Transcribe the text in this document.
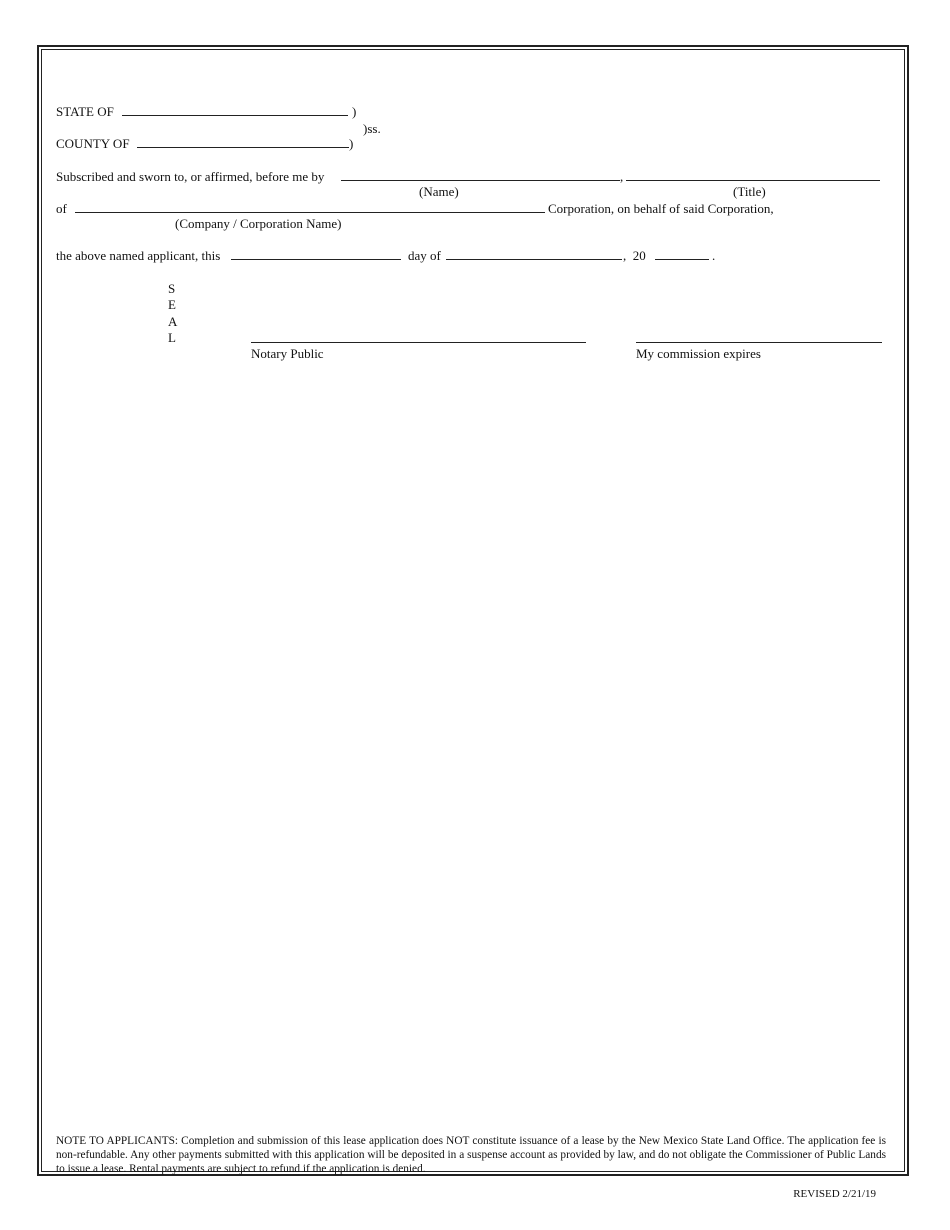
STATE OF	)
)ss.
COUNTY OF	)
Subscribed and sworn to, or affirmed, before me by	,
(Name)	(Title)
of	Corporation, on behalf of said Corporation,
(Company / Corporation Name)
the above named applicant, this	day of	,  20	.
S
E
A
L
Notary Public	My commission expires
NOTE TO APPLICANTS: Completion and submission of this lease application does NOT constitute issuance of a lease by the New Mexico State Land Office. The application fee is non-refundable. Any other payments submitted with this application will be deposited in a suspense account as provided by law, and do not obligate the Commissioner of Public Lands to issue a lease. Rental payments are subject to refund if the application is denied.
REVISED 2/21/19
